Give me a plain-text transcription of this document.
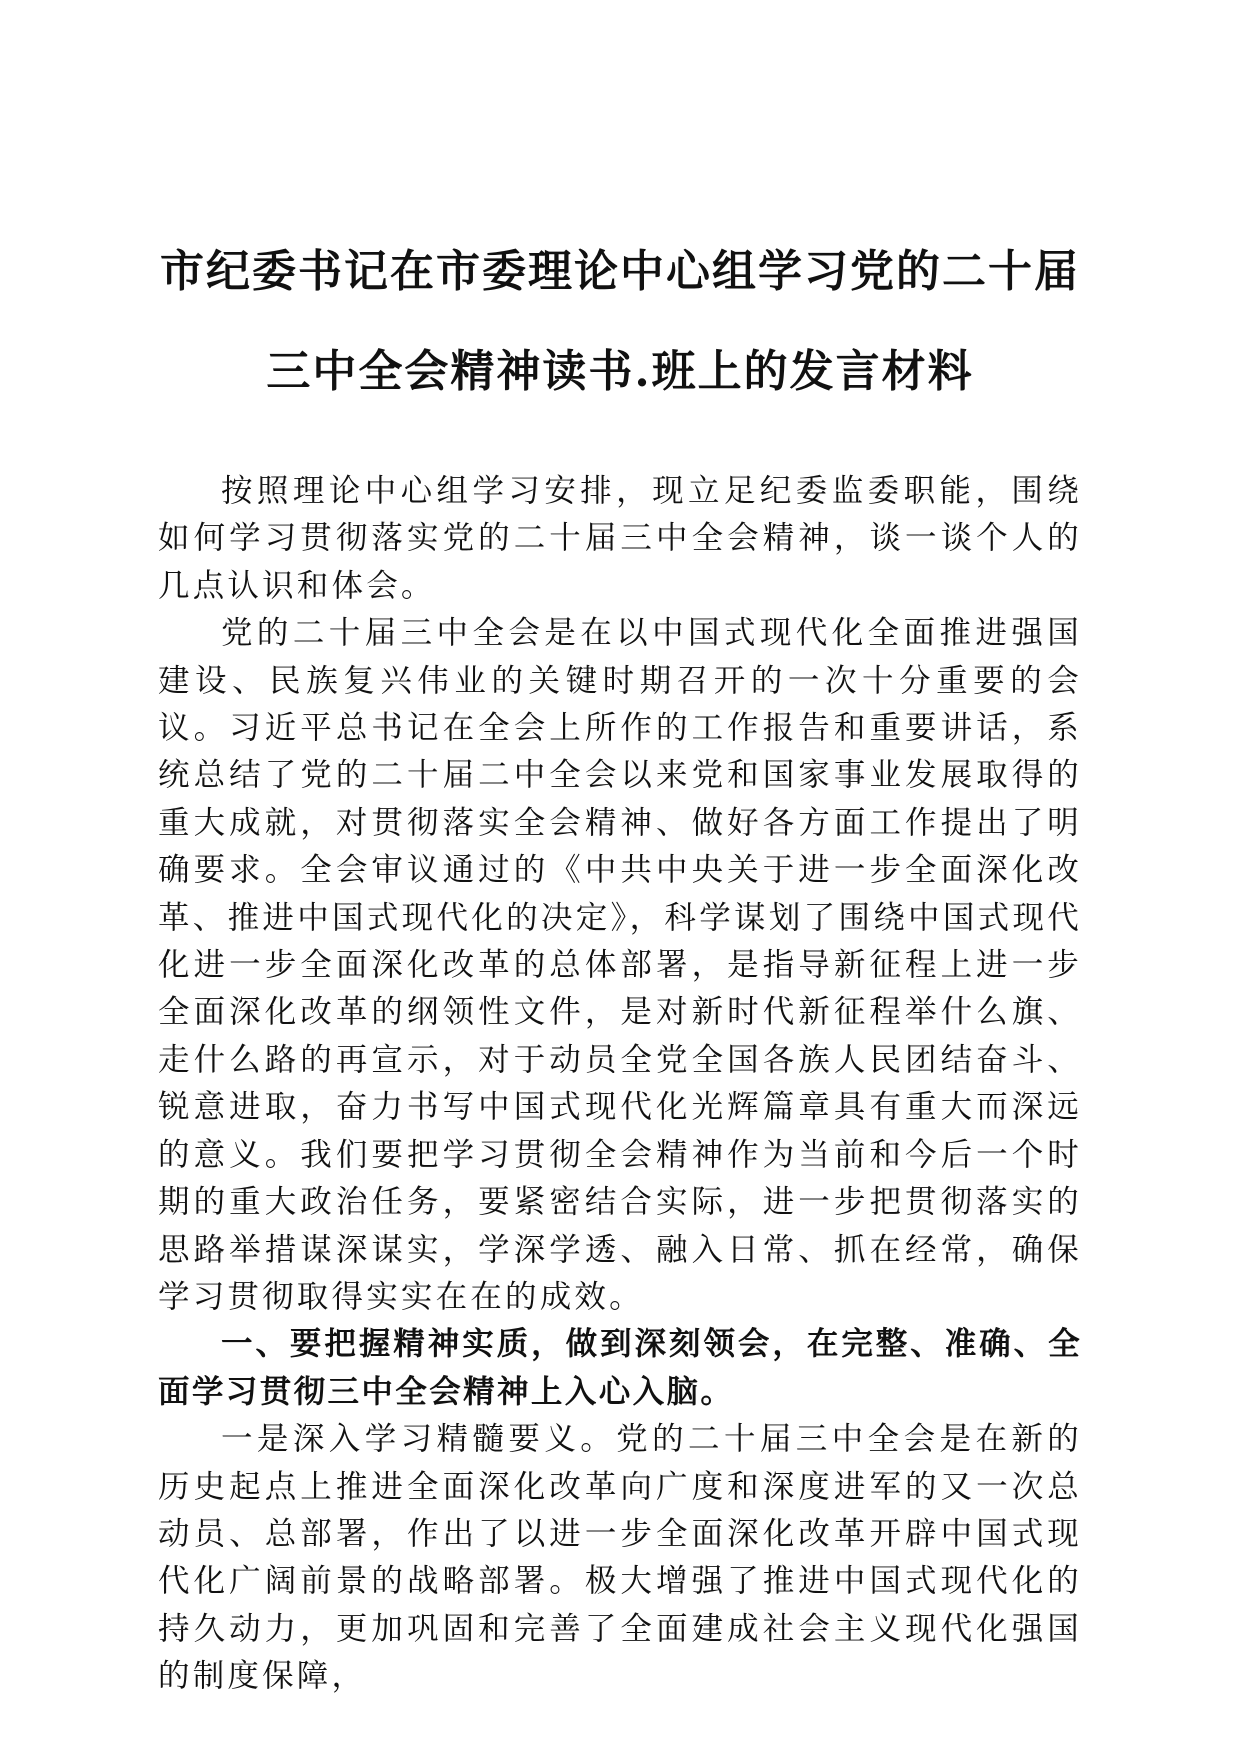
市纪委书记在市委理论中心组学习党的二十届
三中全会精神读书.班上的发言材料

按照理论中心组学习安排，现立足纪委监委职能，围绕如何学习贯彻落实党的二十届三中全会精神，谈一谈个人的几点认识和体会。

党的二十届三中全会是在以中国式现代化全面推进强国建设、民族复兴伟业的关键时期召开的一次十分重要的会议。习近平总书记在全会上所作的工作报告和重要讲话，系统总结了党的二十届二中全会以来党和国家事业发展取得的重大成就，对贯彻落实全会精神、做好各方面工作提出了明确要求。全会审议通过的《中共中央关于进一步全面深化改革、推进中国式现代化的决定》，科学谋划了围绕中国式现代化进一步全面深化改革的总体部署，是指导新征程上进一步全面深化改革的纲领性文件，是对新时代新征程举什么旗、走什么路的再宣示，对于动员全党全国各族人民团结奋斗、锐意进取，奋力书写中国式现代化光辉篇章具有重大而深远的意义。我们要把学习贯彻全会精神作为当前和今后一个时期的重大政治任务，要紧密结合实际，进一步把贯彻落实的思路举措谋深谋实，学深学透、融入日常、抓在经常，确保学习贯彻取得实实在在的成效。

一、要把握精神实质，做到深刻领会，在完整、准确、全面学习贯彻三中全会精神上入心入脑。

一是深入学习精髓要义。党的二十届三中全会是在新的历史起点上推进全面深化改革向广度和深度进军的又一次总动员、总部署，作出了以进一步全面深化改革开辟中国式现代化广阔前景的战略部署。极大增强了推进中国式现代化的持久动力，更加巩固和完善了全面建成社会主义现代化强国的制度保障，
